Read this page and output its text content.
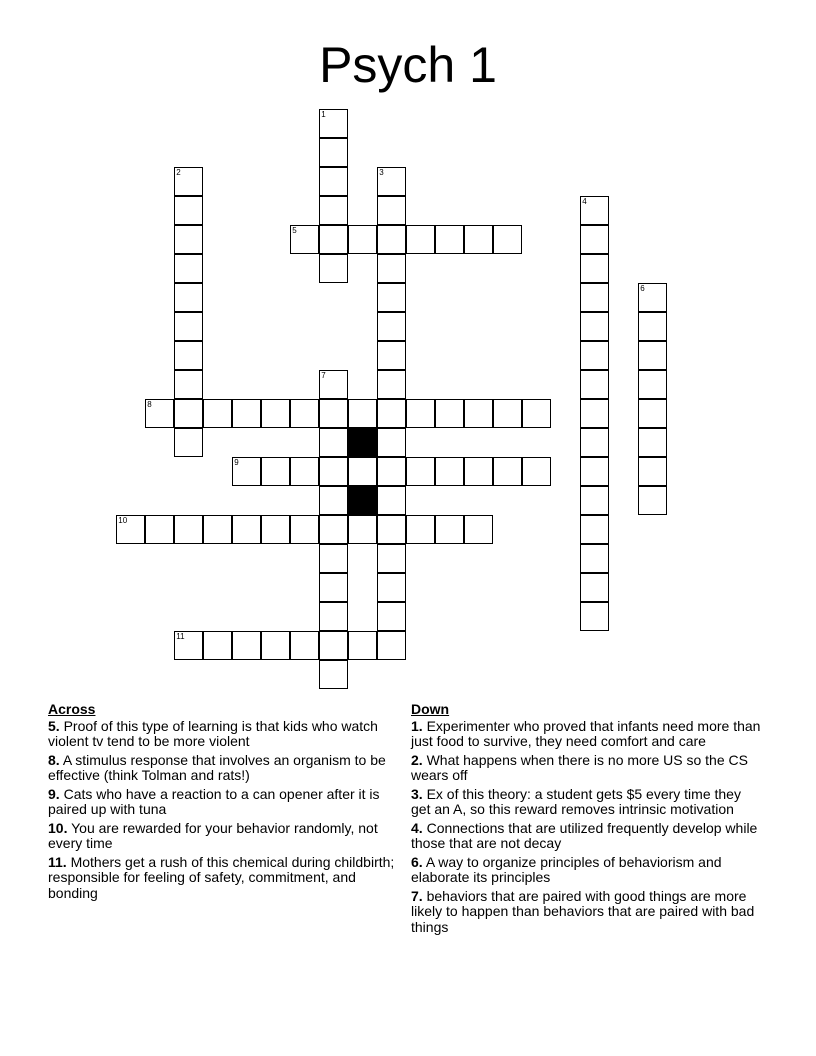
Psych 1
1
2	3
4
5
6
7
8
9
10
11
Across
5. Proof of this type of learning is that kids who watch violent tv tend to be more violent
8. A stimulus response that involves an organism to be effective (think Tolman and rats!)
9. Cats who have a reaction to a can opener after it is paired up with tuna
10. You are rewarded for your behavior randomly, not every time
11. Mothers get a rush of this chemical during childbirth; responsible for feeling of safety, commitment, and bonding
Down
1. Experimenter who proved that infants need more than just food to survive, they need comfort and care
2. What happens when there is no more US so the CS wears off
3. Ex of this theory: a student gets $5 every time they get an A, so this reward removes intrinsic motivation
4. Connections that are utilized frequently develop while those that are not decay
6. A way to organize principles of behaviorism and elaborate its principles
7. behaviors that are paired with good things are more likely to happen than behaviors that are paired with bad things
